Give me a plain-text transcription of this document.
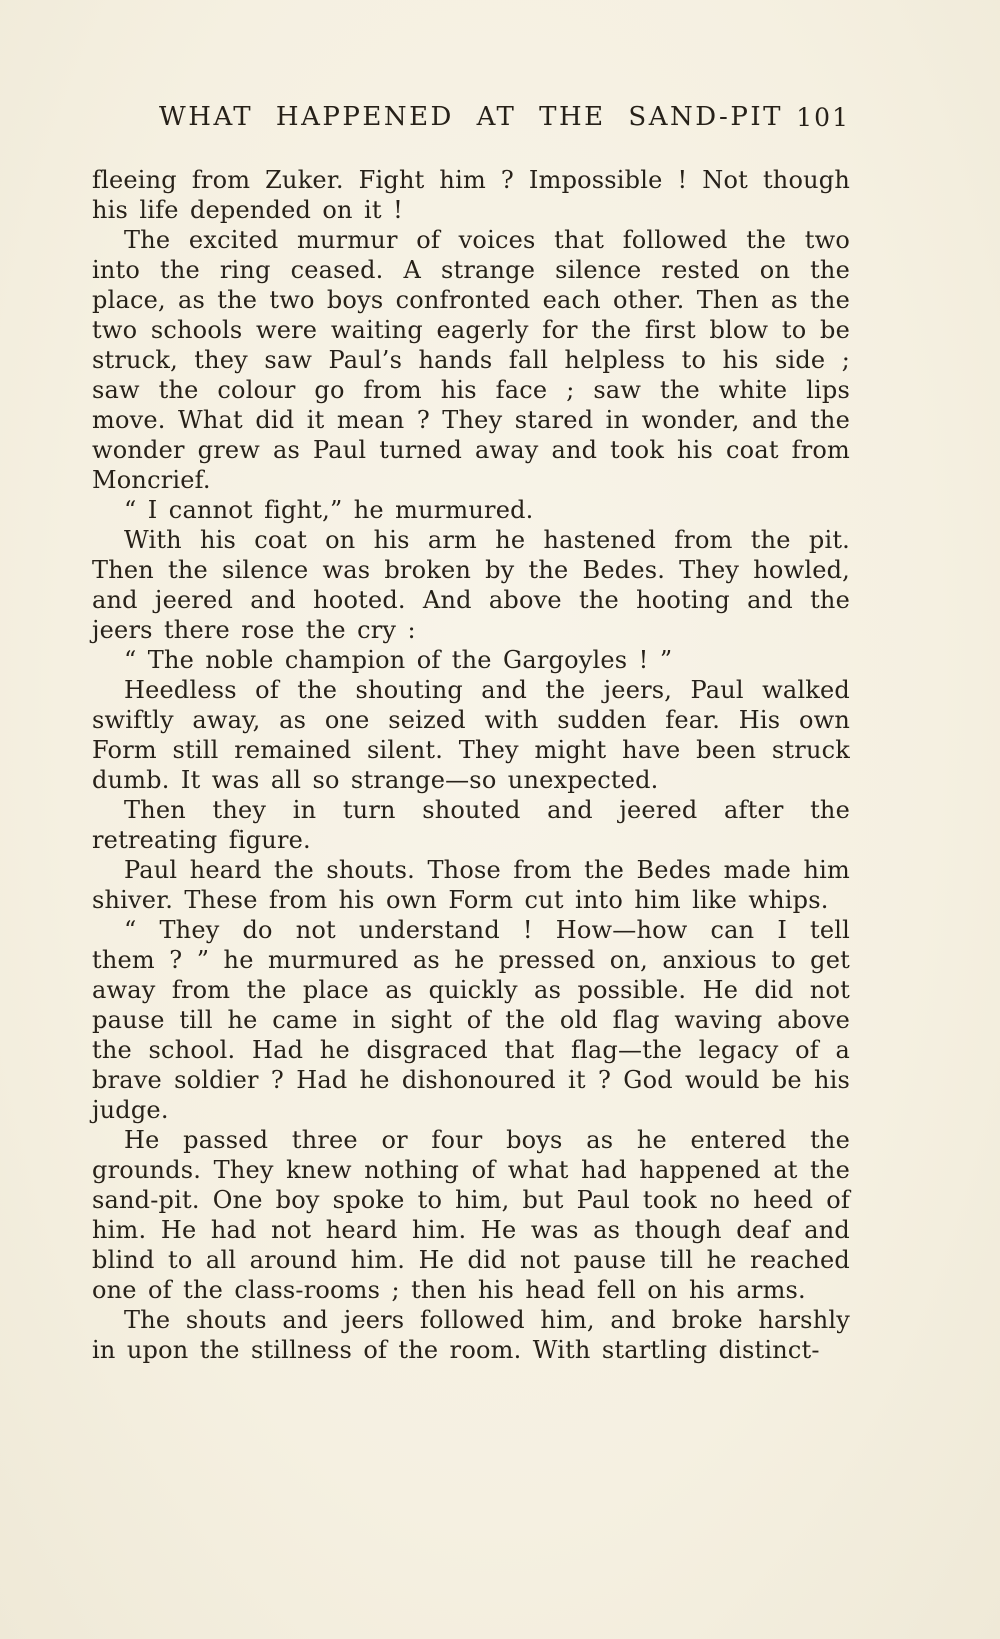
WHAT HAPPENED AT THE SAND-PIT 101

fleeing from Zuker. Fight him ? Impossible ! Not though his life depended on it !

The excited murmur of voices that followed the two into the ring ceased. A strange silence rested on the place, as the two boys confronted each other. Then as the two schools were waiting eagerly for the first blow to be struck, they saw Paul’s hands fall helpless to his side ; saw the colour go from his face ; saw the white lips move. What did it mean ? They stared in wonder, and the wonder grew as Paul turned away and took his coat from Moncrief.

“ I cannot fight,” he murmured.

With his coat on his arm he hastened from the pit. Then the silence was broken by the Bedes. They howled, and jeered and hooted. And above the hooting and the jeers there rose the cry :

“ The noble champion of the Gargoyles ! ”

Heedless of the shouting and the jeers, Paul walked swiftly away, as one seized with sudden fear. His own Form still remained silent. They might have been struck dumb. It was all so strange—so unexpected.

Then they in turn shouted and jeered after the retreating figure.

Paul heard the shouts. Those from the Bedes made him shiver. These from his own Form cut into him like whips.

“ They do not understand ! How—how can I tell them ? ” he murmured as he pressed on, anxious to get away from the place as quickly as possible. He did not pause till he came in sight of the old flag waving above the school. Had he disgraced that flag—the legacy of a brave soldier ? Had he dishonoured it ? God would be his judge.

He passed three or four boys as he entered the grounds. They knew nothing of what had happened at the sand-pit. One boy spoke to him, but Paul took no heed of him. He had not heard him. He was as though deaf and blind to all around him. He did not pause till he reached one of the class-rooms ; then his head fell on his arms.

The shouts and jeers followed him, and broke harshly in upon the stillness of the room. With startling distinct-
